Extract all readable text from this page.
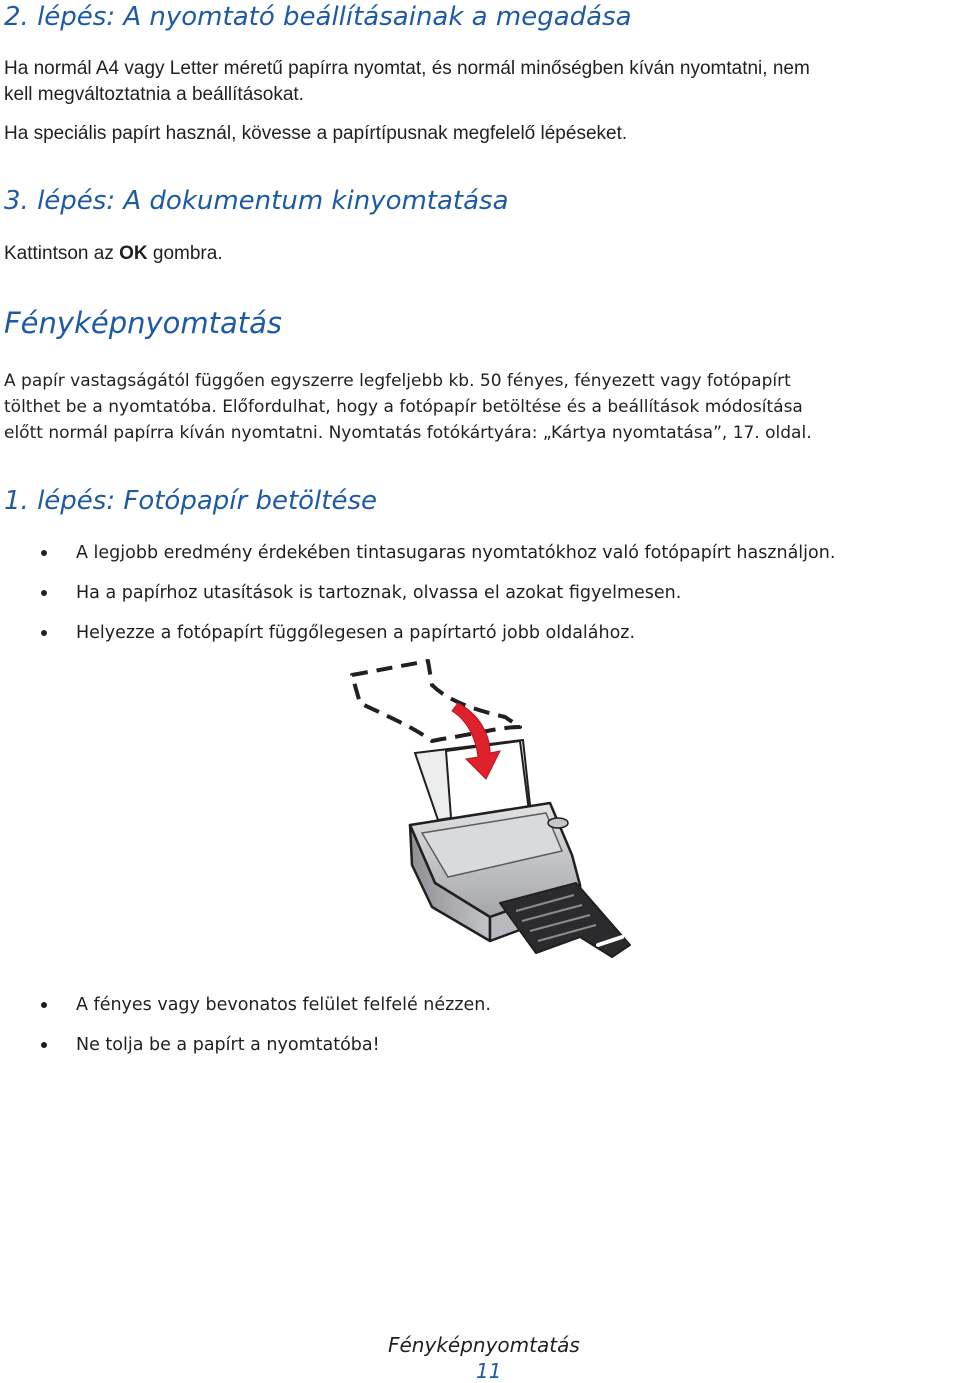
2. lépés: A nyomtató beállításainak a megadása
Ha normál A4 vagy Letter méretű papírra nyomtat, és normál minőségben kíván nyomtatni, nem
kell megváltoztatnia a beállításokat.
Ha speciális papírt használ, kövesse a papírtípusnak megfelelő lépéseket.
3. lépés: A dokumentum kinyomtatása
Kattintson az OK gombra.
Fényképnyomtatás
A papír vastagságától függően egyszerre legfeljebb kb. 50 fényes, fényezett vagy fotópapírt
tölthet be a nyomtatóba. Előfordulhat, hogy a fotópapír betöltése és a beállítások módosítása
előtt normál papírra kíván nyomtatni. Nyomtatás fotókártyára: „Kártya nyomtatása”, 17. oldal.
1. lépés: Fotópapír betöltése
A legjobb eredmény érdekében tintasugaras nyomtatókhoz való fotópapírt használjon.
Ha a papírhoz utasítások is tartoznak, olvassa el azokat figyelmesen.
Helyezze a fotópapírt függőlegesen a papírtartó jobb oldalához.
A fényes vagy bevonatos felület felfelé nézzen.
Ne tolja be a papírt a nyomtatóba!
Fényképnyomtatás
11
